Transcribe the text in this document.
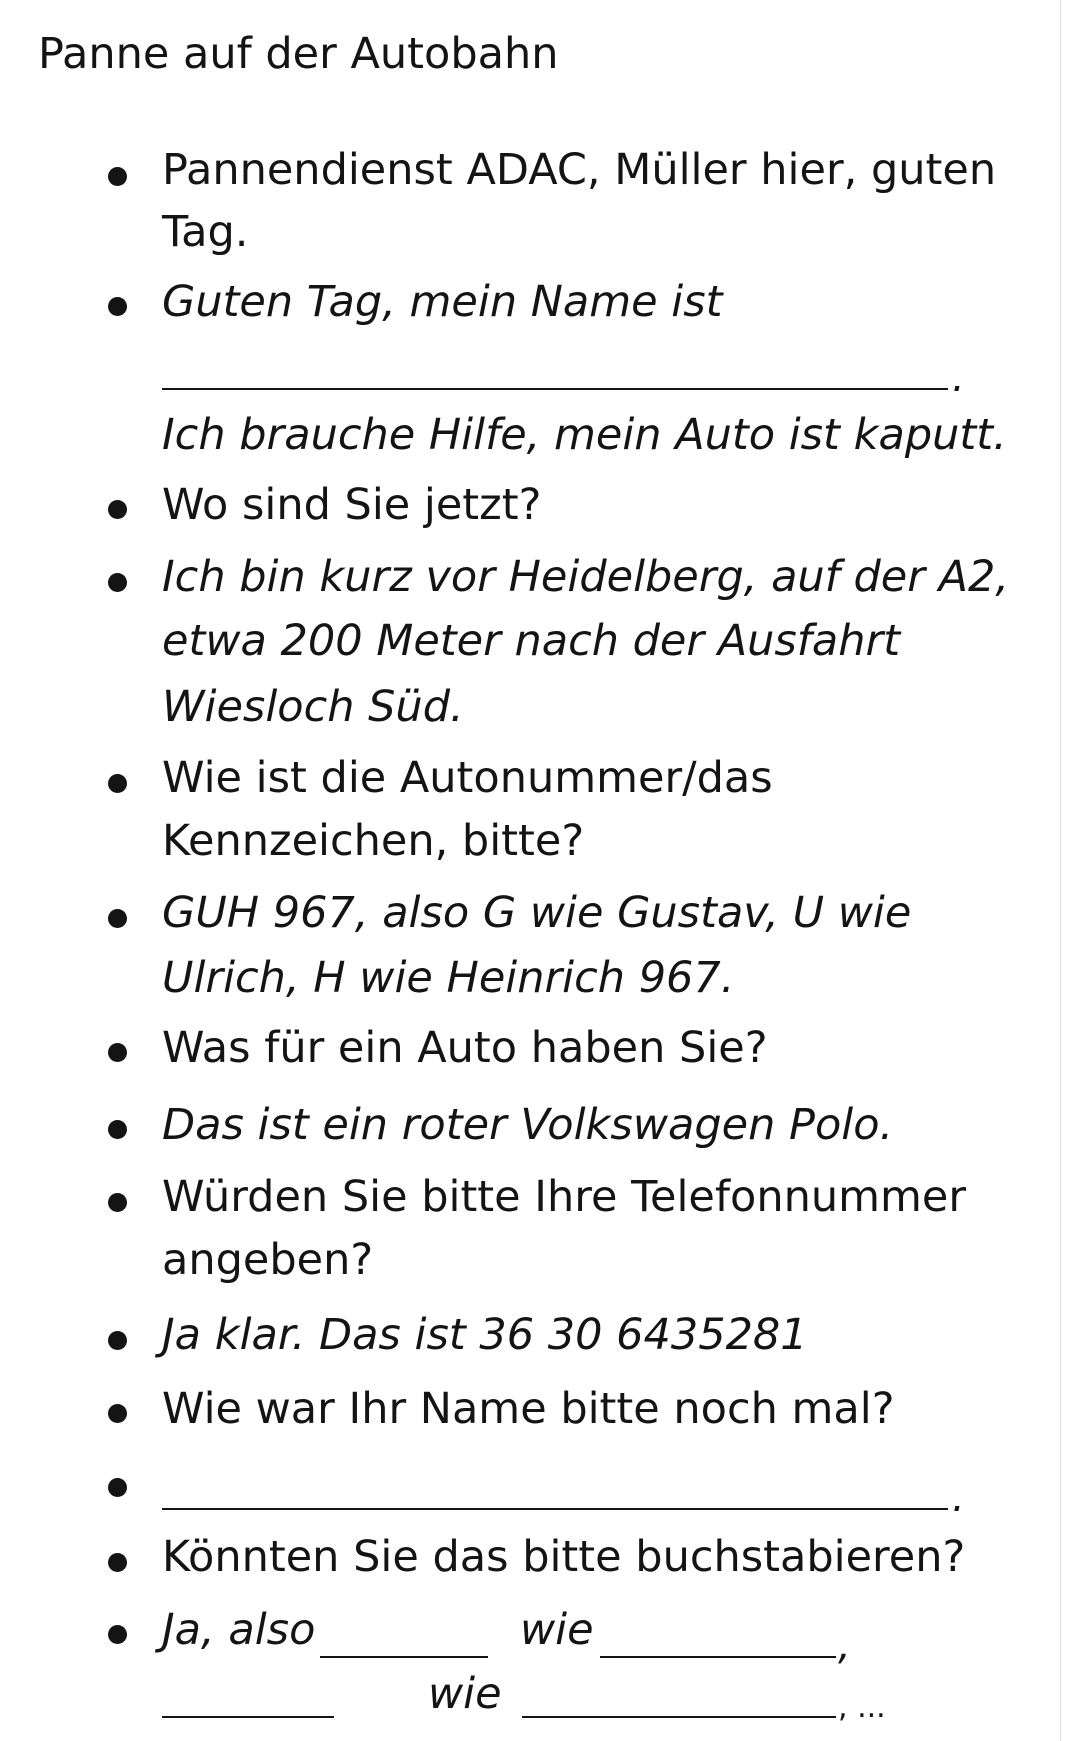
Panne auf der Autobahn
Pannendienst ADAC, Müller hier, guten
Tag.
Guten Tag, mein Name ist
.
Ich brauche Hilfe, mein Auto ist kaputt.
Wo sind Sie jetzt?
Ich bin kurz vor Heidelberg, auf der A2,
etwa 200 Meter nach der Ausfahrt
Wiesloch Süd.
Wie ist die Autonummer/das
Kennzeichen, bitte?
GUH 967, also G wie Gustav, U wie
Ulrich, H wie Heinrich 967.
Was für ein Auto haben Sie?
Das ist ein roter Volkswagen Polo.
Würden Sie bitte Ihre Telefonnummer
angeben?
Ja klar. Das ist 36 30 6435281
Wie war Ihr Name bitte noch mal?
.
Könnten Sie das bitte buchstabieren?
Ja, also	wie	,
wie	, ...
